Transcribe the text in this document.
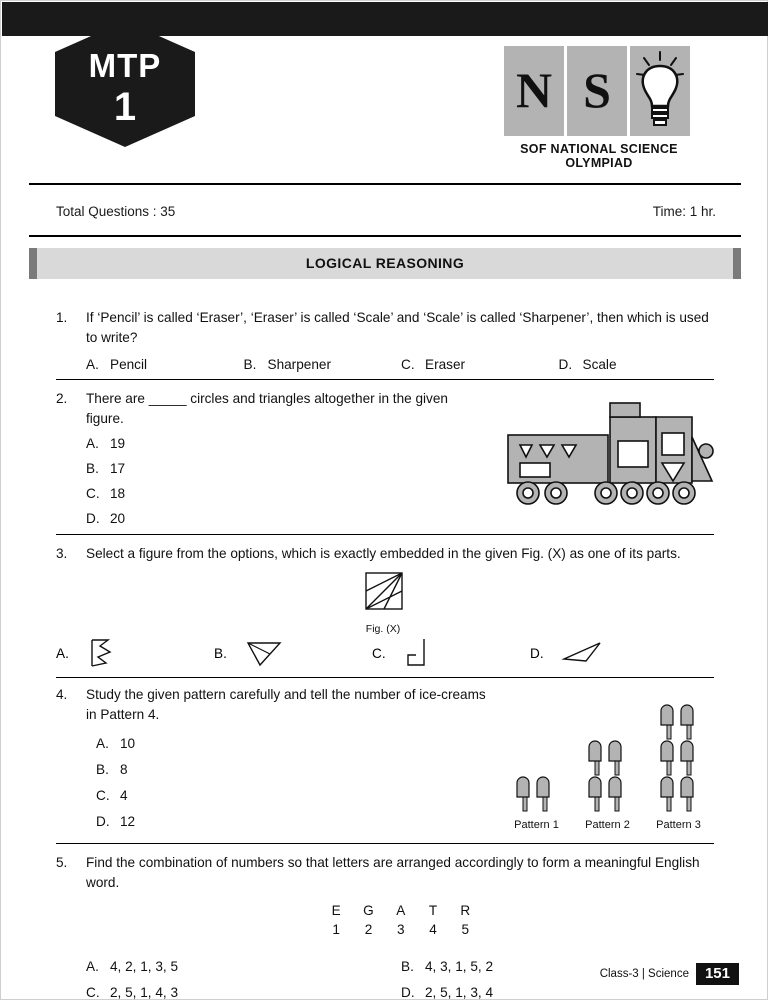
MTP
1	N S
SOF NATIONAL SCIENCE
OLYMPIAD
Total Questions : 35	Time: 1 hr.
LOGICAL REASONING
1.	If ‘Pencil’ is called ‘Eraser’, ‘Eraser’ is called ‘Scale’ and ‘Scale’ is called ‘Sharpener’, then which is used to write?
A. Pencil	B. Sharpener	C. Eraser	D. Scale
2.	There are _____ circles and triangles altogether in the given figure.
A. 19
B. 17
C. 18
D. 20
3.	Select a figure from the options, which is exactly embedded in the given Fig. (X) as one of its parts.
Fig. (X)
A.	B.	C.	D.
4.	Study the given pattern carefully and tell the number of ice-creams in Pattern 4.
A. 10
B. 8
C. 4
D. 12	Pattern 1	Pattern 2	Pattern 3
5.	Find the combination of numbers so that letters are arranged accordingly to form a meaningful English word.
E G A T R
1 2 3 4 5
A. 4, 2, 1, 3, 5	B. 4, 3, 1, 5, 2
C. 2, 5, 1, 4, 3	D. 2, 5, 1, 3, 4
Class-3 | Science	151
